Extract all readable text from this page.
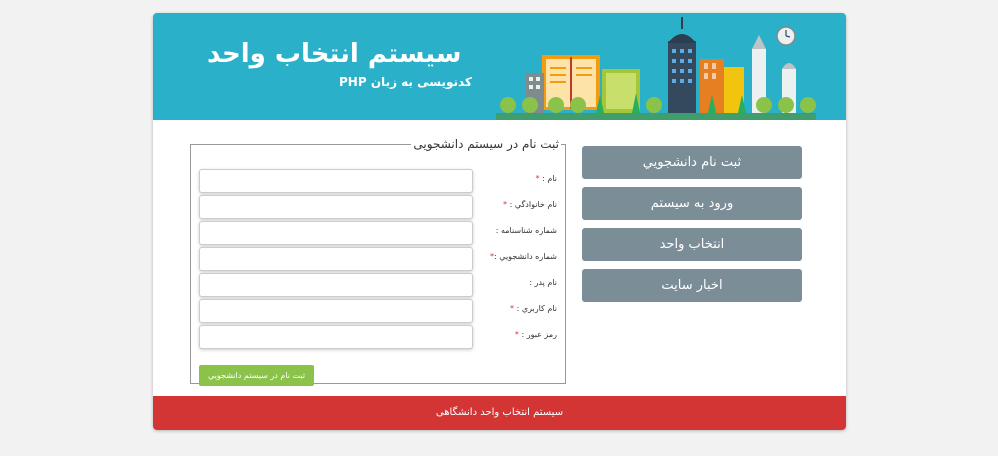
سیستم انتخاب واحد
کدنویسی به زبان PHP
ثبت نام در سیستم دانشجویی
نام : *
نام خانوادگي : *
شماره شناسنامه :
شماره دانشجويي :*
نام پدر :
نام کاربري : *
رمز عبور : *
ثبت نام در سیستم دانشجويي
ثبت نام دانشجويي
ورود به سیستم
انتخاب واحد
اخبار سایت
سیستم انتخاب واحد دانشگاهی
